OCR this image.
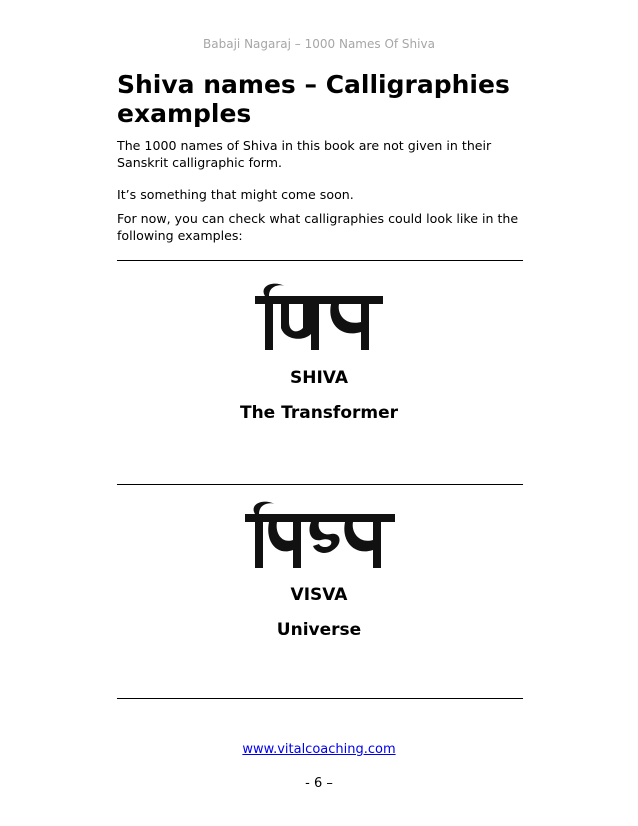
Babaji Nagaraj – 1000 Names Of Shiva
Shiva names – Calligraphies examples

The 1000 names of Shiva in this book are not given in their Sanskrit calligraphic form.

It’s something that might come soon.

For now, you can check what calligraphies could look like in the following examples:

SHIVA
The Transformer
VISVA
Universe
www.vitalcoaching.com
- 6 –
